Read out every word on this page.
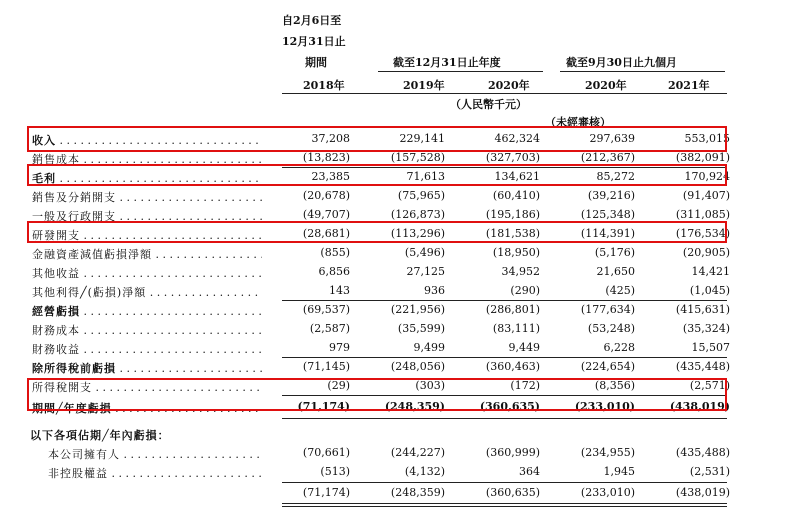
自2月6日至
12月31日止
期間	截至12月31日止年度	截至9月30日止九個月
2018年	2019年	2020年	2020年	2021年
（人民幣千元）
（未經審核）
收入 . . .	37,208	229,141	462,324	297,639	553,015
銷售成本 . . .	(13,823)	(157,528)	(327,703)	(212,367)	(382,091)
毛利 . . .	23,385	71,613	134,621	85,272	170,924
銷售及分銷開支 . . .	(20,678)	(75,965)	(60,410)	(39,216)	(91,407)
一般及行政開支 . . .	(49,707)	(126,873)	(195,186)	(125,348)	(311,085)
研發開支 . . .	(28,681)	(113,296)	(181,538)	(114,391)	(176,534)
金融資產減值虧損淨額 . . .	(855)	(5,496)	(18,950)	(5,176)	(20,905)
其他收益 . . .	6,856	27,125	34,952	21,650	14,421
其他利得╱(虧損)淨額 . . .	143	936	(290)	(425)	(1,045)
經營虧損 . . .	(69,537)	(221,956)	(286,801)	(177,634)	(415,631)
財務成本 . . .	(2,587)	(35,599)	(83,111)	(53,248)	(35,324)
財務收益 . . .	979	9,499	9,449	6,228	15,507
除所得稅前虧損 . . .	(71,145)	(248,056)	(360,463)	(224,654)	(435,448)
所得稅開支 . . .	(29)	(303)	(172)	(8,356)	(2,571)
期間╱年度虧損 . . .	(71,174)	(248,359)	(360,635)	(233,010)	(438,019)
以下各項佔期╱年內虧損：
本公司擁有人 . . .	(70,661)	(244,227)	(360,999)	(234,955)	(435,488)
非控股權益 . . .	(513)	(4,132)	364	1,945	(2,531)
(71,174)	(248,359)	(360,635)	(233,010)	(438,019)
